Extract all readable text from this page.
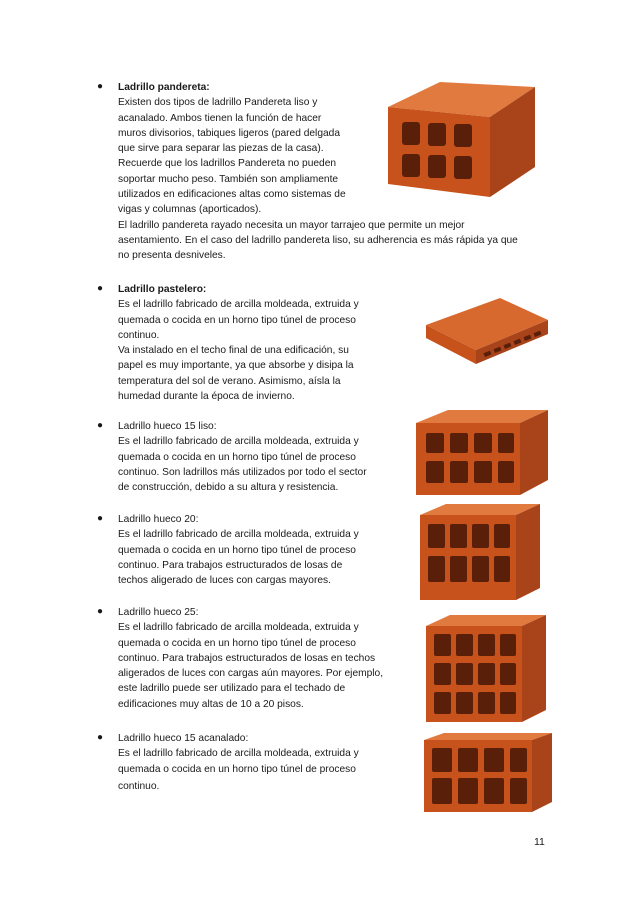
● Ladrillo pandereta:
Existen dos tipos de ladrillo Pandereta liso y
acanalado. Ambos tienen la función de hacer
muros divisorios, tabiques ligeros (pared delgada
que sirve para separar las piezas de la casa).
Recuerde que los ladrillos Pandereta no pueden
soportar mucho peso. También son ampliamente
utilizados en edificaciones altas como sistemas de
vigas y columnas (aporticados).
El ladrillo pandereta rayado necesita un mayor tarrajeo que permite un mejor
asentamiento. En el caso del ladrillo pandereta liso, su adherencia es más rápida ya que
no presenta desniveles.
● Ladrillo pastelero:
Es el ladrillo fabricado de arcilla moldeada, extruida y
quemada o cocida en un horno tipo túnel de proceso
continuo.
Va instalado en el techo final de una edificación, su
papel es muy importante, ya que absorbe y disipa la
temperatura del sol de verano. Asimismo, aísla la
humedad durante la época de invierno.
● Ladrillo hueco 15 liso:
Es el ladrillo fabricado de arcilla moldeada, extruida y
quemada o cocida en un horno tipo túnel de proceso
continuo. Son ladrillos más utilizados por todo el sector
de construcción, debido a su altura y resistencia.
● Ladrillo hueco 20:
Es el ladrillo fabricado de arcilla moldeada, extruida y
quemada o cocida en un horno tipo túnel de proceso
continuo. Para trabajos estructurados de losas de
techos aligerado de luces con cargas mayores.
● Ladrillo hueco 25:
Es el ladrillo fabricado de arcilla moldeada, extruida y
quemada o cocida en un horno tipo túnel de proceso
continuo. Para trabajos estructurados de losas en techos
aligerados de luces con cargas aún mayores. Por ejemplo,
este ladrillo puede ser utilizado para el techado de
edificaciones muy altas de 10 a 20 pisos.
● Ladrillo hueco 15 acanalado:
Es el ladrillo fabricado de arcilla moldeada, extruida y
quemada o cocida en un horno tipo túnel de proceso
continuo.
11
